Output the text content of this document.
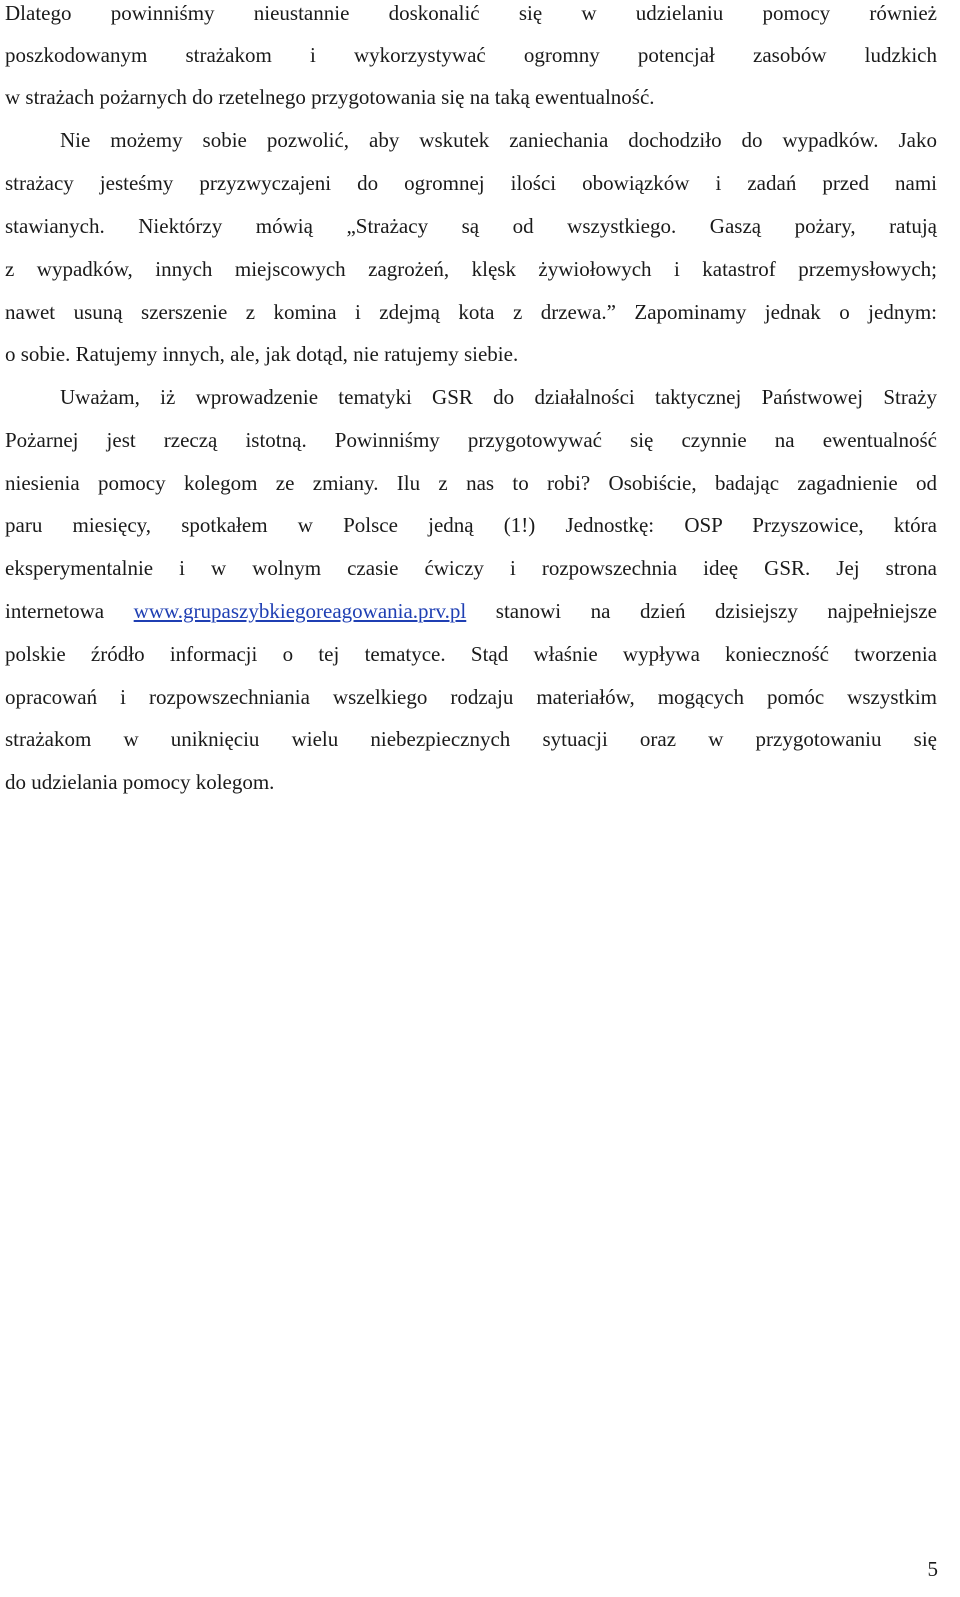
Dlatego powinniśmy nieustannie doskonalić się w udzielaniu pomocy również
poszkodowanym strażakom i wykorzystywać ogromny potencjał zasobów ludzkich
w strażach pożarnych do rzetelnego przygotowania się na taką ewentualność.
Nie możemy sobie pozwolić, aby wskutek zaniechania dochodziło do wypadków. Jako
strażacy jesteśmy przyzwyczajeni do ogromnej ilości obowiązków i zadań przed nami
stawianych. Niektórzy mówią „Strażacy są od wszystkiego. Gaszą pożary, ratują
z wypadków, innych miejscowych zagrożeń, klęsk żywiołowych i katastrof przemysłowych;
nawet usuną szerszenie z komina i zdejmą kota z drzewa.” Zapominamy jednak o jednym:
o sobie. Ratujemy innych, ale, jak dotąd, nie ratujemy siebie.
Uważam, iż wprowadzenie tematyki GSR do działalności taktycznej Państwowej Straży
Pożarnej jest rzeczą istotną. Powinniśmy przygotowywać się czynnie na ewentualność
niesienia pomocy kolegom ze zmiany. Ilu z nas to robi? Osobiście, badając zagadnienie od
paru miesięcy, spotkałem w Polsce jedną (1!) Jednostkę: OSP Przyszowice, która
eksperymentalnie i w wolnym czasie ćwiczy i rozpowszechnia ideę GSR. Jej strona
internetowa www.grupaszybkiegoreagowania.prv.pl stanowi na dzień dzisiejszy najpełniejsze
polskie źródło informacji o tej tematyce. Stąd właśnie wypływa konieczność tworzenia
opracowań i rozpowszechniania wszelkiego rodzaju materiałów, mogących pomóc wszystkim
strażakom w uniknięciu wielu niebezpiecznych sytuacji oraz w przygotowaniu się
do udzielania pomocy kolegom.
5
